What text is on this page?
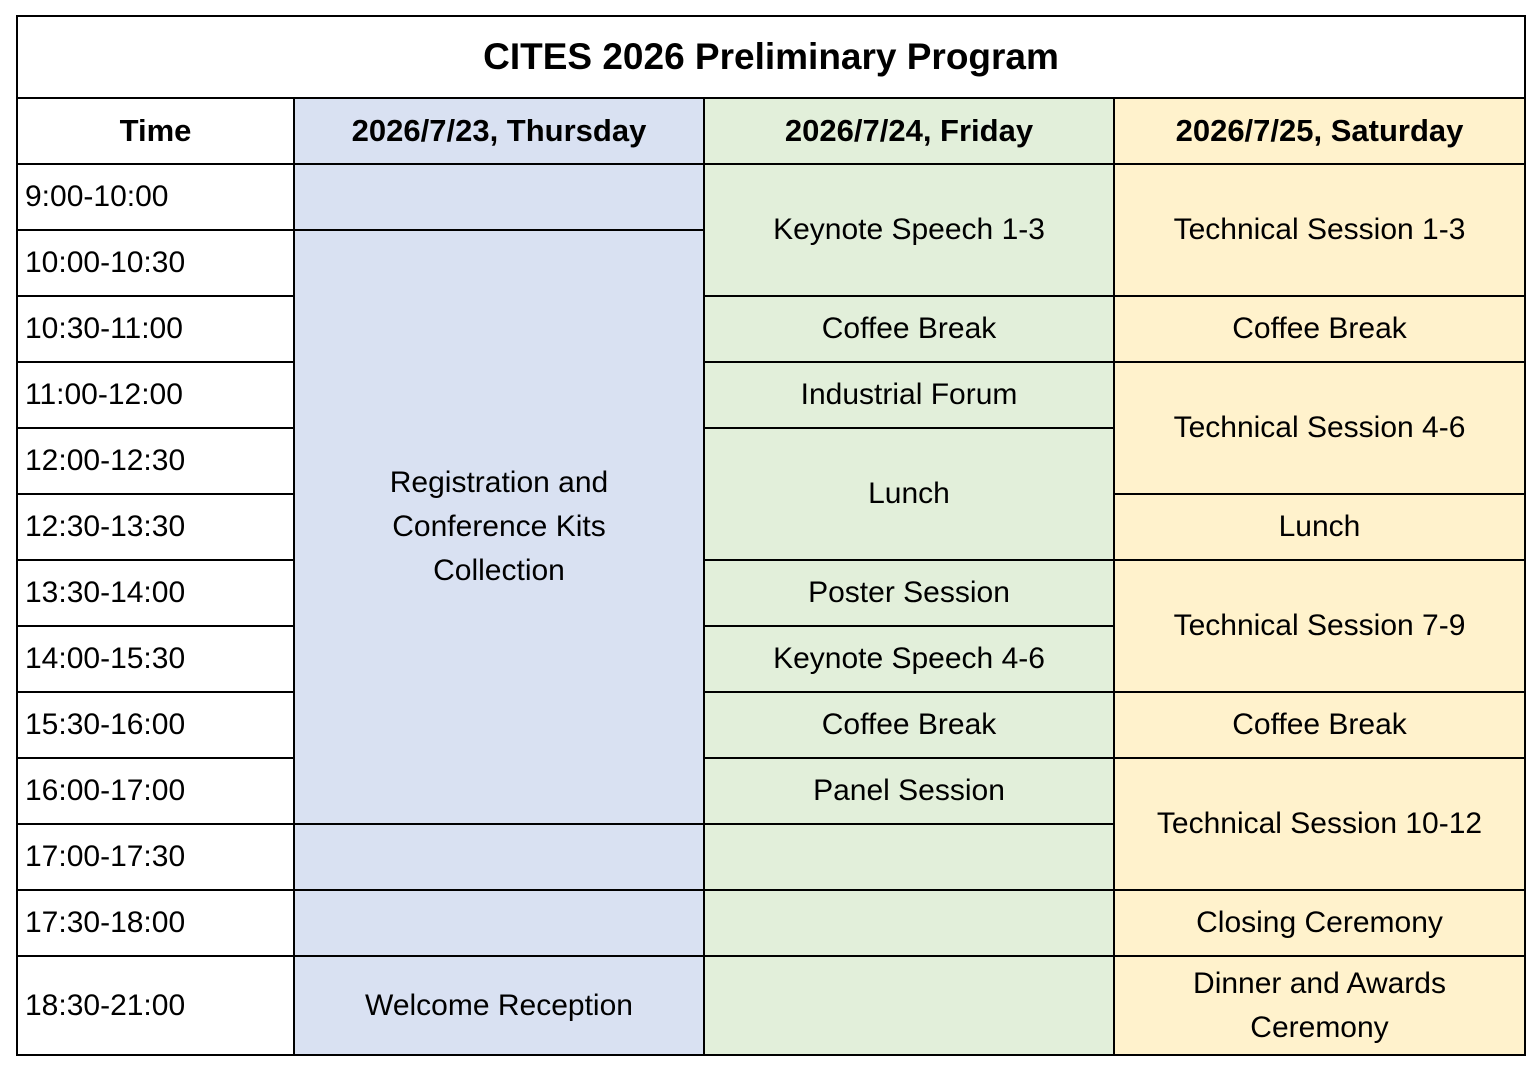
CITES 2026 Preliminary Program			
Time	2026/7/23, Thursday	2026/7/24, Friday	2026/7/25, Saturday
9:00-10:00		Keynote Speech 1-3	Technical Session 1-3
10:00-10:30	Registration and Conference Kits Collection		

10:30-11:00		Coffee Break	Coffee Break
11:00-12:00		Industrial Forum	Technical Session 4-6
12:00-12:30		Lunch	
12:30-13:30			Lunch
13:30-14:00		Poster Session	Technical Session 7-9
14:00-15:30		Keynote Speech 4-6	
15:30-16:00		Coffee Break	Coffee Break
16:00-17:00		Panel Session	Technical Session 10-12
17:00-17:30			
17:30-18:00			Closing Ceremony
18:30-21:00	Welcome Reception		Dinner and Awards Ceremony
